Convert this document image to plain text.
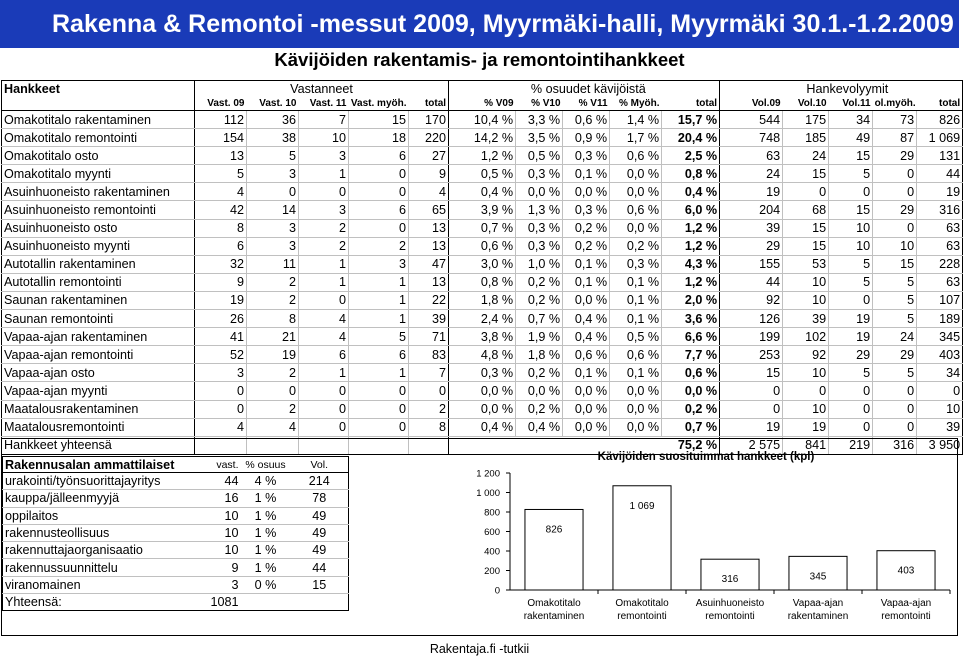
Rakenna & Remontoi -messut 2009, Myyrmäki-halli, Myyrmäki 30.1.-1.2.2009
Kävijöiden rakentamis- ja remontointihankkeet
Hankkeet	Vastanneet						% osuudet kävijöistä						Hankevolyymit				
	Vast. 09	Vast. 10	Vast. 11	Vast. myöh.	total		% V09	% V10	% V11	% Myöh.	total		Vol.09	Vol.10	Vol.11	ol.myöh.	total
Omakotitalo rakentaminen	112	36	7	15	170		10,4 %	3,3 %	0,6 %	1,4 %	15,7 %		544	175	34	73	826
Omakotitalo remontointi	154	38	10	18	220		14,2 %	3,5 %	0,9 %	1,7 %	20,4 %		748	185	49	87	1 069
Omakotitalo osto	13	5	3	6	27		1,2 %	0,5 %	0,3 %	0,6 %	2,5 %		63	24	15	29	131
Omakotitalo myynti	5	3	1	0	9		0,5 %	0,3 %	0,1 %	0,0 %	0,8 %		24	15	5	0	44
Asuinhuoneisto rakentaminen	4	0	0	0	4		0,4 %	0,0 %	0,0 %	0,0 %	0,4 %		19	0	0	0	19
Asuinhuoneisto remontointi	42	14	3	6	65		3,9 %	1,3 %	0,3 %	0,6 %	6,0 %		204	68	15	29	316
Asuinhuoneisto osto	8	3	2	0	13		0,7 %	0,3 %	0,2 %	0,0 %	1,2 %		39	15	10	0	63
Asuinhuoneisto myynti	6	3	2	2	13		0,6 %	0,3 %	0,2 %	0,2 %	1,2 %		29	15	10	10	63
Autotallin rakentaminen	32	11	1	3	47		3,0 %	1,0 %	0,1 %	0,3 %	4,3 %		155	53	5	15	228
Autotallin remontointi	9	2	1	1	13		0,8 %	0,2 %	0,1 %	0,1 %	1,2 %		44	10	5	5	63
Saunan rakentaminen	19	2	0	1	22		1,8 %	0,2 %	0,0 %	0,1 %	2,0 %		92	10	0	5	107
Saunan remontointi	26	8	4	1	39		2,4 %	0,7 %	0,4 %	0,1 %	3,6 %		126	39	19	5	189
Vapaa-ajan rakentaminen	41	21	4	5	71		3,8 %	1,9 %	0,4 %	0,5 %	6,6 %		199	102	19	24	345
Vapaa-ajan remontointi	52	19	6	6	83		4,8 %	1,8 %	0,6 %	0,6 %	7,7 %		253	92	29	29	403
Vapaa-ajan osto	3	2	1	1	7		0,3 %	0,2 %	0,1 %	0,1 %	0,6 %		15	10	5	5	34
Vapaa-ajan myynti	0	0	0	0	0		0,0 %	0,0 %	0,0 %	0,0 %	0,0 %		0	0	0	0	0
Maatalousrakentaminen	0	2	0	0	2		0,0 %	0,2 %	0,0 %	0,0 %	0,2 %		0	10	0	0	10
Maatalousremontointi	4	4	0	0	8		0,4 %	0,4 %	0,0 %	0,0 %	0,7 %		19	19	0	0	39
Hankkeet yhteensä											75,2 %		2 575	841	219	316	3 950
Rakennusalan ammattilaiset	vast.	% osuus	Vol.
urakointi/työnsuorittajayritys	44	4 %	214
kauppa/jälleenmyyjä	16	1 %	78
oppilaitos	10	1 %	49
rakennusteollisuus	10	1 %	49
rakennuttajaorganisaatio	10	1 %	49
rakennussuunnittelu	9	1 %	44
viranomainen	3	0 %	15
Yhteensä:	1081		
Kävijöiden suosituimmat hankkeet (kpl)
0
200
400
600
800
1 000
1 200
826
Omakotitalo
rakentaminen
1 069
Omakotitalo
remontointi
316
Asuinhuoneisto
remontointi
345
Vapaa-ajan
rakentaminen
403
Vapaa-ajan
remontointi
Rakentaja.fi -tutkii
